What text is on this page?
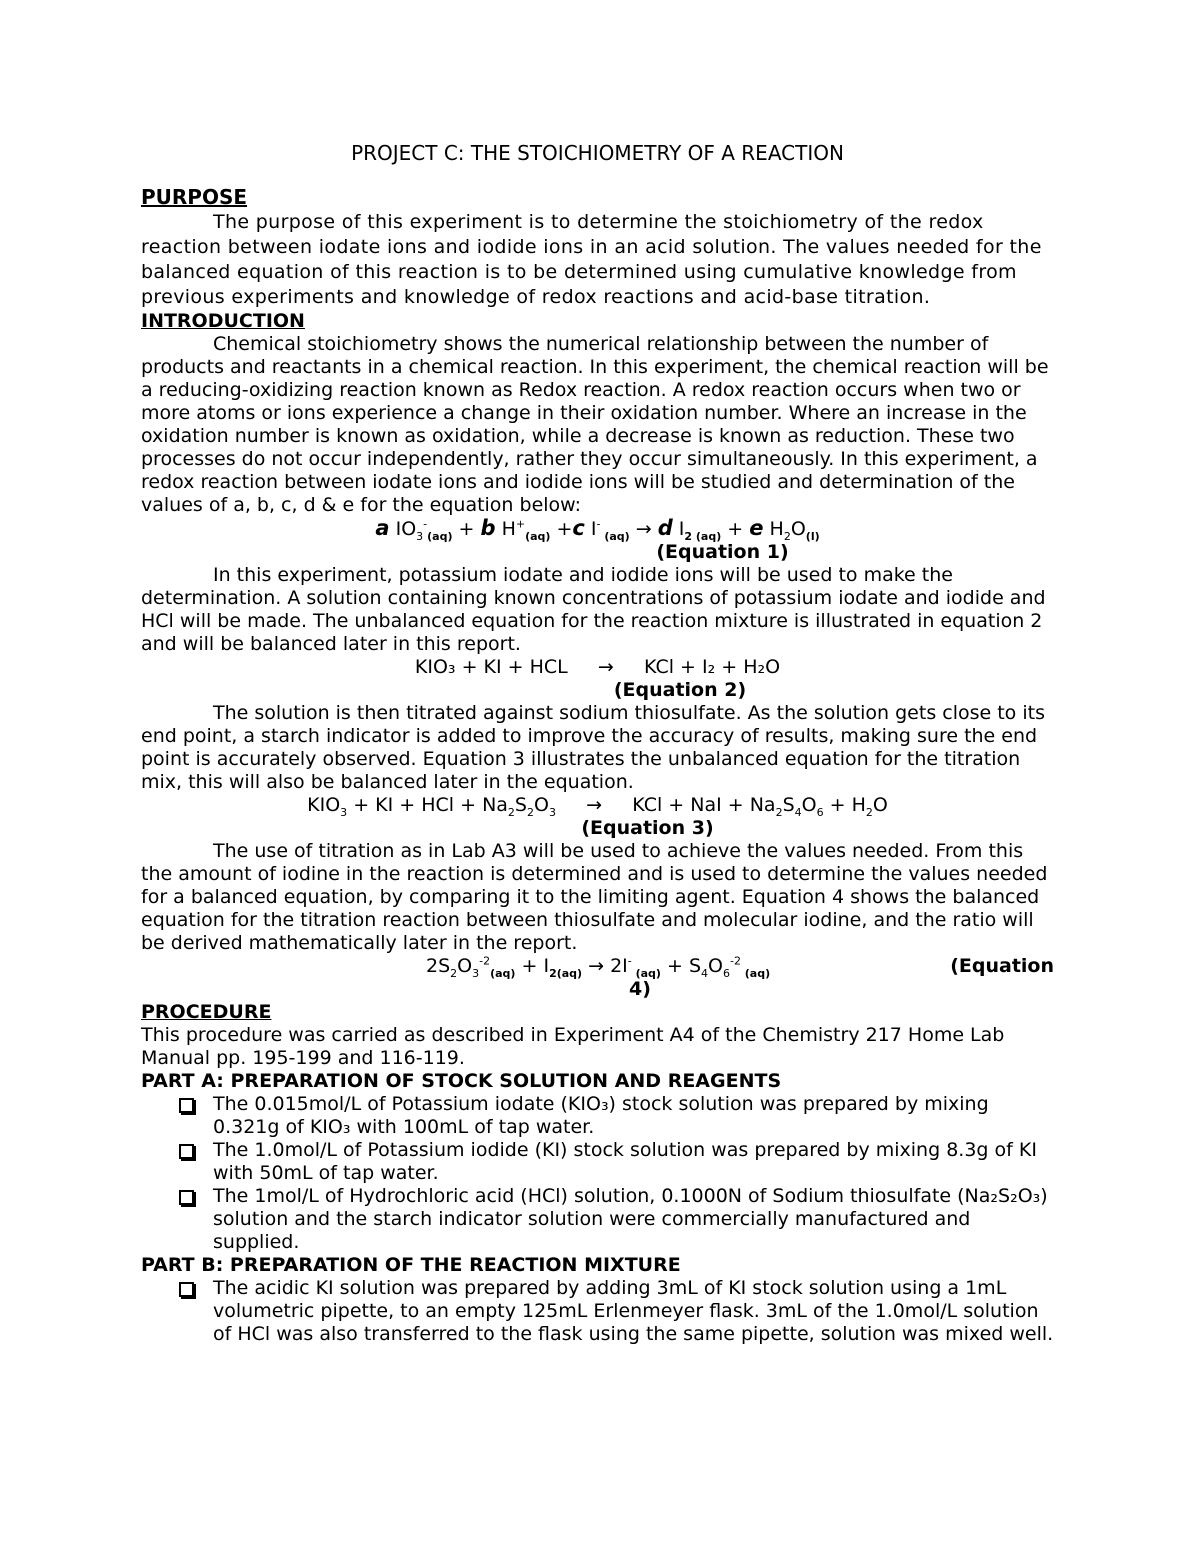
PROJECT C: THE STOICHIOMETRY OF A REACTION
PURPOSE
The purpose of this experiment is to determine the stoichiometry of the redox reaction between iodate ions and iodide ions in an acid solution. The values needed for the balanced equation of this reaction is to be determined using cumulative knowledge from previous experiments and knowledge of redox reactions and acid-base titration.
INTRODUCTION
Chemical stoichiometry shows the numerical relationship between the number of products and reactants in a chemical reaction. In this experiment, the chemical reaction will be a reducing-oxidizing reaction known as Redox reaction. A redox reaction occurs when two or more atoms or ions experience a change in their oxidation number. Where an increase in the oxidation number is known as oxidation, while a decrease is known as reduction. These two processes do not occur independently, rather they occur simultaneously. In this experiment, a redox reaction between iodate ions and iodide ions will be studied and determination of the values of a, b, c, d & e for the equation below:
a $IO_3^-_{(aq)} + b$ $H^+_{(aq)} +c$ I- $_{(aq)}$ → d $I_{2 (aq)} + e$ $H_2O_{(l)}$
(Equation 1)
In this experiment, potassium iodate and iodide ions will be used to make the determination. A solution containing known concentrations of potassium iodate and iodide and HCl will be made. The unbalanced equation for the reaction mixture is illustrated in equation 2 and will be balanced later in this report.
KIO₃ + KI + HCL     →     KCl + I₂ + H₂O
(Equation 2)
The solution is then titrated against sodium thiosulfate. As the solution gets close to its end point, a starch indicator is added to improve the accuracy of results, making sure the end point is accurately observed. Equation 3 illustrates the unbalanced equation for the titration mix, this will also be balanced later in the equation.
$KIO_3$ + KI + HCl + $Na_2S_2O_3$     →     KCl + NaI + $Na_2S_4O_6 + H_2O$
(Equation 3)
The use of titration as in Lab A3 will be used to achieve the values needed. From this the amount of iodine in the reaction is determined and is used to determine the values needed for a balanced equation, by comparing it to the limiting agent. Equation 4 shows the balanced equation for the titration reaction between thiosulfate and molecular iodine, and the ratio will be derived mathematically later in the report.
$2S_2O_3^{-2}_{(aq)} + I_{2(aq)} \to 2I^-$ $_{(aq)} + S_4O_6^{-2}$ $_{(aq)}$	(Equation
4)
PROCEDURE
This procedure was carried as described in Experiment A4 of the Chemistry 217 Home Lab Manual pp. 195-199 and 116-119.
PART A: PREPARATION OF STOCK SOLUTION AND REAGENTS
The 0.015mol/L of Potassium iodate (KIO₃) stock solution was prepared by mixing 0.321g of KIO₃ with 100mL of tap water.
The 1.0mol/L of Potassium iodide (KI) stock solution was prepared by mixing 8.3g of KI with 50mL of tap water.
The 1mol/L of Hydrochloric acid (HCl) solution, 0.1000N of Sodium thiosulfate (Na₂S₂O₃) solution and the starch indicator solution were commercially manufactured and supplied.
PART B: PREPARATION OF THE REACTION MIXTURE
The acidic KI solution was prepared by adding 3mL of KI stock solution using a 1mL volumetric pipette, to an empty 125mL Erlenmeyer flask. 3mL of the 1.0mol/L solution of HCl was also transferred to the flask using the same pipette, solution was mixed well.
